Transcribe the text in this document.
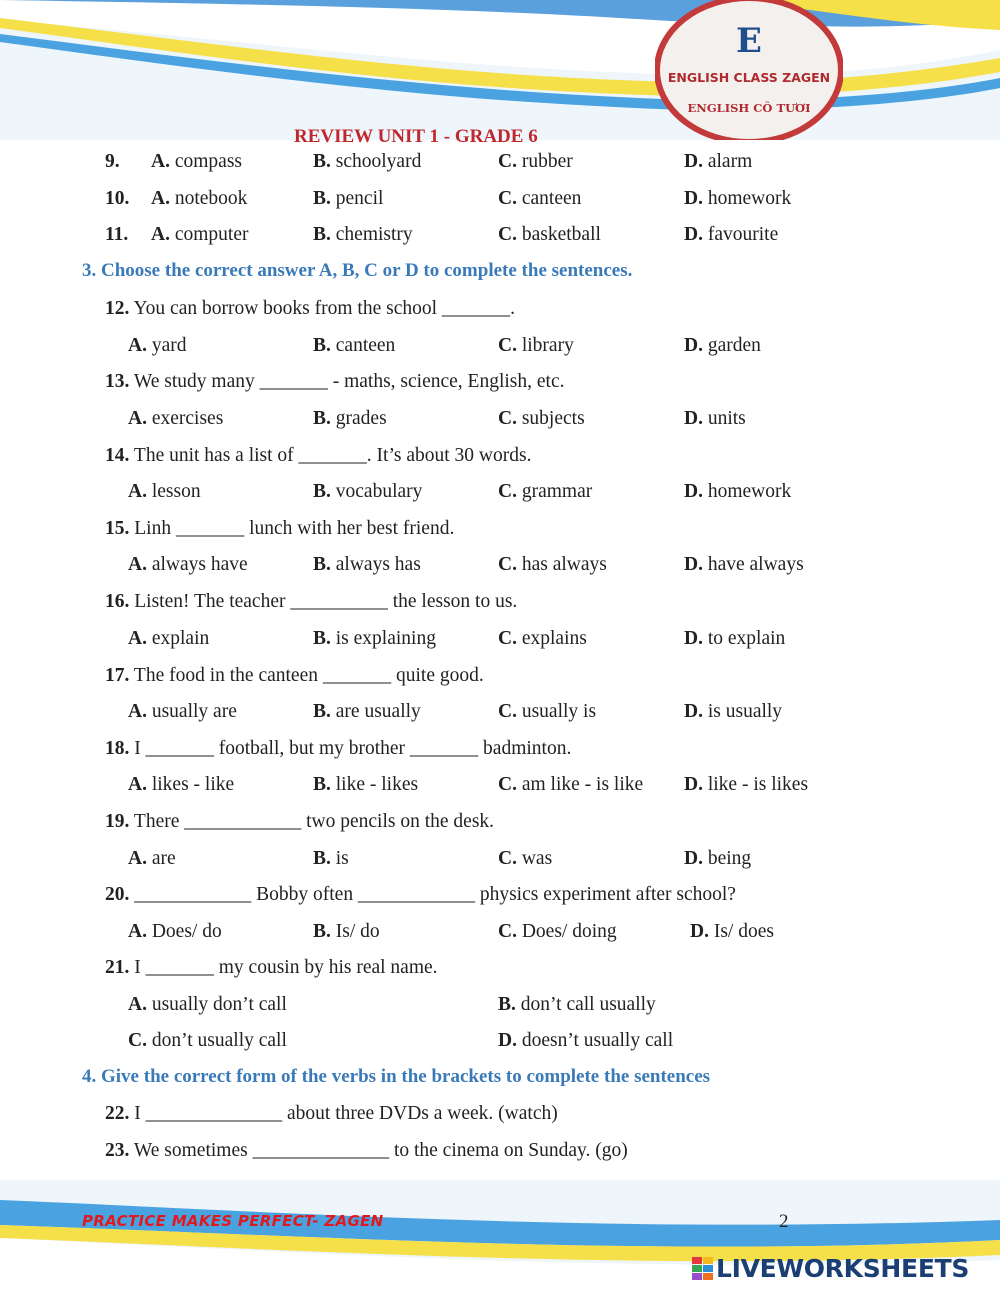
E
ENGLISH CLASS ZAGEN
ENGLISH CÔ TƯƠI
REVIEW UNIT 1 - GRADE 6
9. A. compass	B. schoolyard	C. rubber	D. alarm
10. A. notebook	B. pencil	C. canteen	D. homework
11. A. computer	B. chemistry	C. basketball	D. favourite
3. Choose the correct answer A, B, C or D to complete the sentences.
12. You can borrow books from the school _______.
A. yard	B. canteen	C. library	D. garden
13. We study many _______ - maths, science, English, etc.
A. exercises	B. grades	C. subjects	D. units
14. The unit has a list of _______. It’s about 30 words.
A. lesson	B. vocabulary	C. grammar	D. homework
15. Linh _______ lunch with her best friend.
A. always have	B. always has	C. has always	D. have always
16. Listen! The teacher __________ the lesson to us.
A. explain	B. is explaining	C. explains	D. to explain
17. The food in the canteen _______ quite good.
A. usually are	B. are usually	C. usually is	D. is usually
18. I _______ football, but my brother _______ badminton.
A. likes - like	B. like - likes	C. am like - is like D. like - is likes
19. There ____________ two pencils on the desk.
A. are	B. is	C. was	D. being
20. ____________ Bobby often ____________ physics experiment after school?
A. Does/ do	B. Is/ do	C. Does/ doing	D. Is/ does
21. I _______ my cousin by his real name.
A. usually don’t call	B. don’t call usually
C. don’t usually call	D. doesn’t usually call
4. Give the correct form of the verbs in the brackets to complete the sentences
22. I ______________ about three DVDs a week. (watch)
23. We sometimes ______________ to the cinema on Sunday. (go)
PRACTICE MAKES PERFECT- ZAGEN	2
LIVEWORKSHEETS
